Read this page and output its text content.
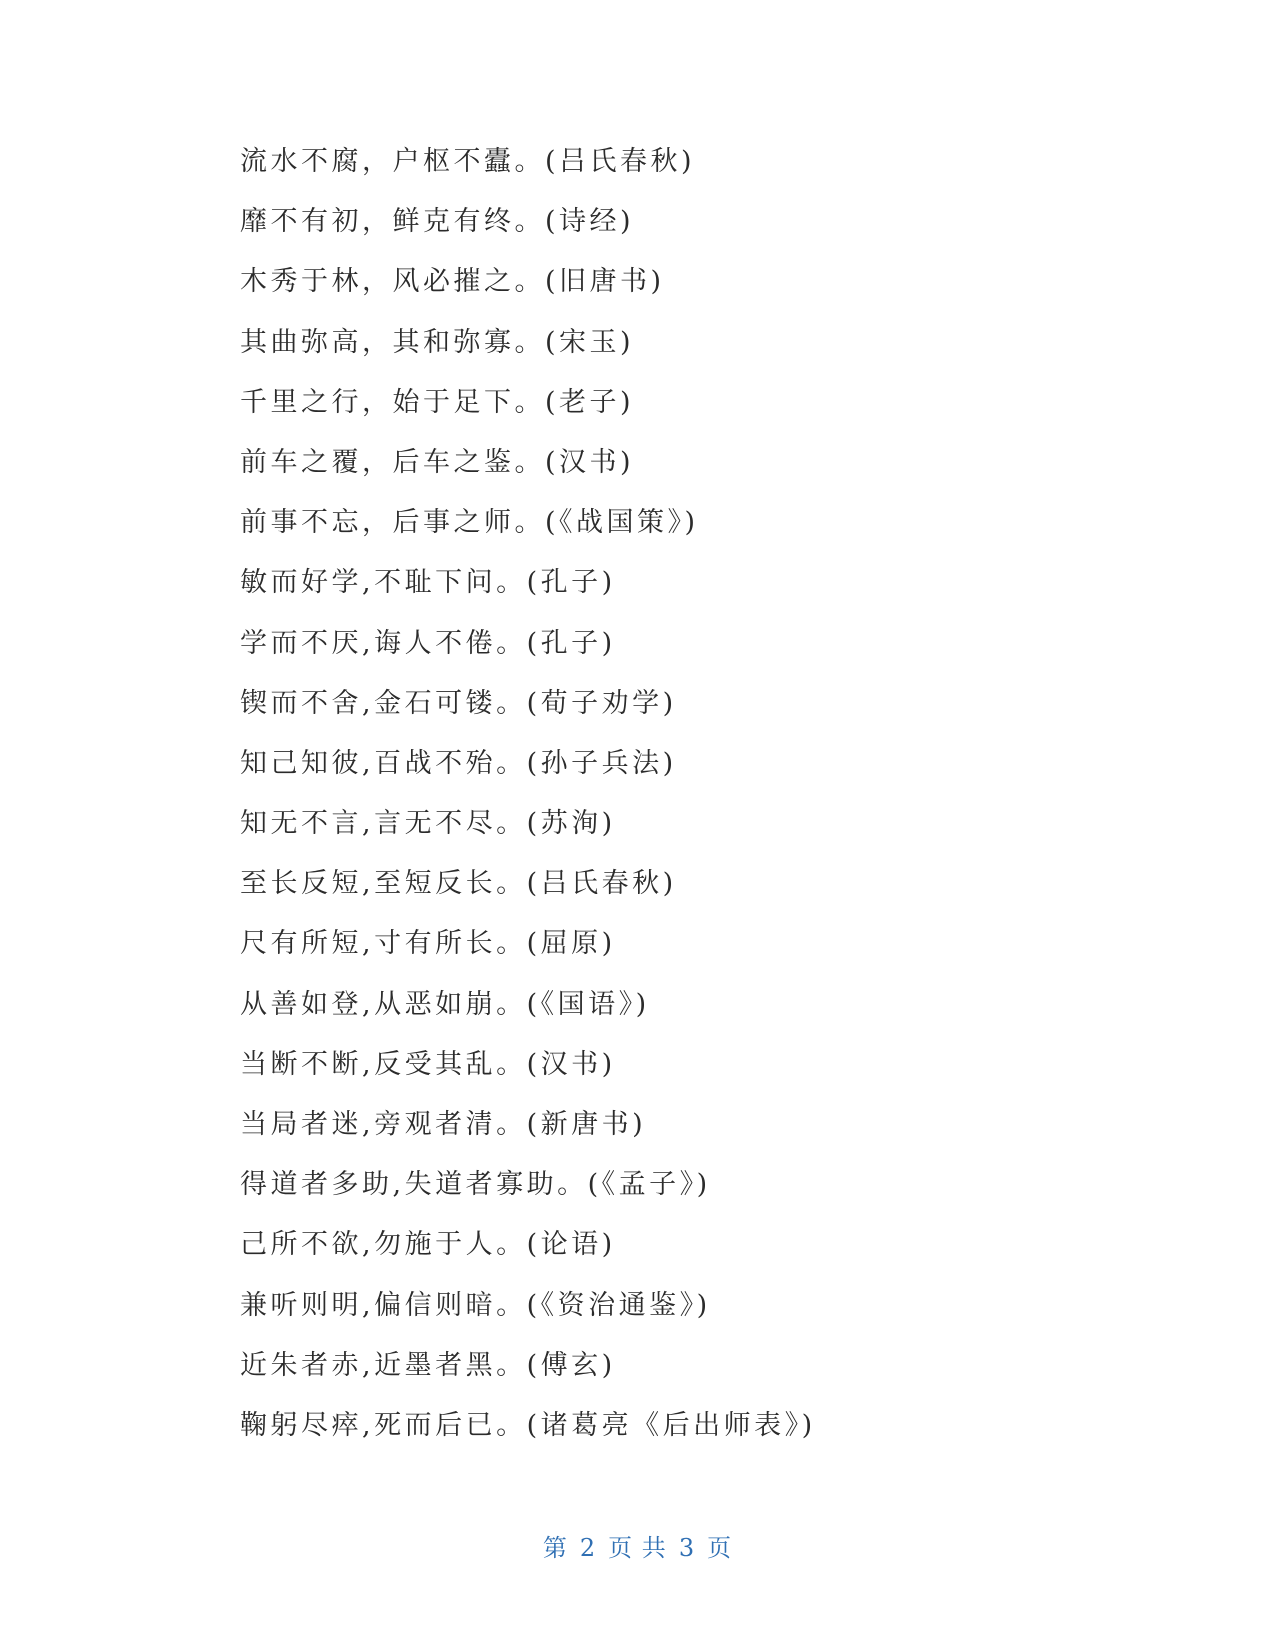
流水不腐，户枢不蠹。(吕氏春秋)
靡不有初，鲜克有终。(诗经)
木秀于林，风必摧之。(旧唐书)
其曲弥高，其和弥寡。(宋玉)
千里之行，始于足下。(老子)
前车之覆，后车之鉴。(汉书)
前事不忘，后事之师。(《战国策》)
敏而好学,不耻下问。(孔子)
学而不厌,诲人不倦。(孔子)
锲而不舍,金石可镂。(荀子劝学)
知己知彼,百战不殆。(孙子兵法)
知无不言,言无不尽。(苏洵)
至长反短,至短反长。(吕氏春秋)
尺有所短,寸有所长。(屈原)
从善如登,从恶如崩。(《国语》)
当断不断,反受其乱。(汉书)
当局者迷,旁观者清。(新唐书)
得道者多助,失道者寡助。(《孟子》)
己所不欲,勿施于人。(论语)
兼听则明,偏信则暗。(《资治通鉴》)
近朱者赤,近墨者黑。(傅玄)
鞠躬尽瘁,死而后已。(诸葛亮《后出师表》)
第 2 页 共 3 页
